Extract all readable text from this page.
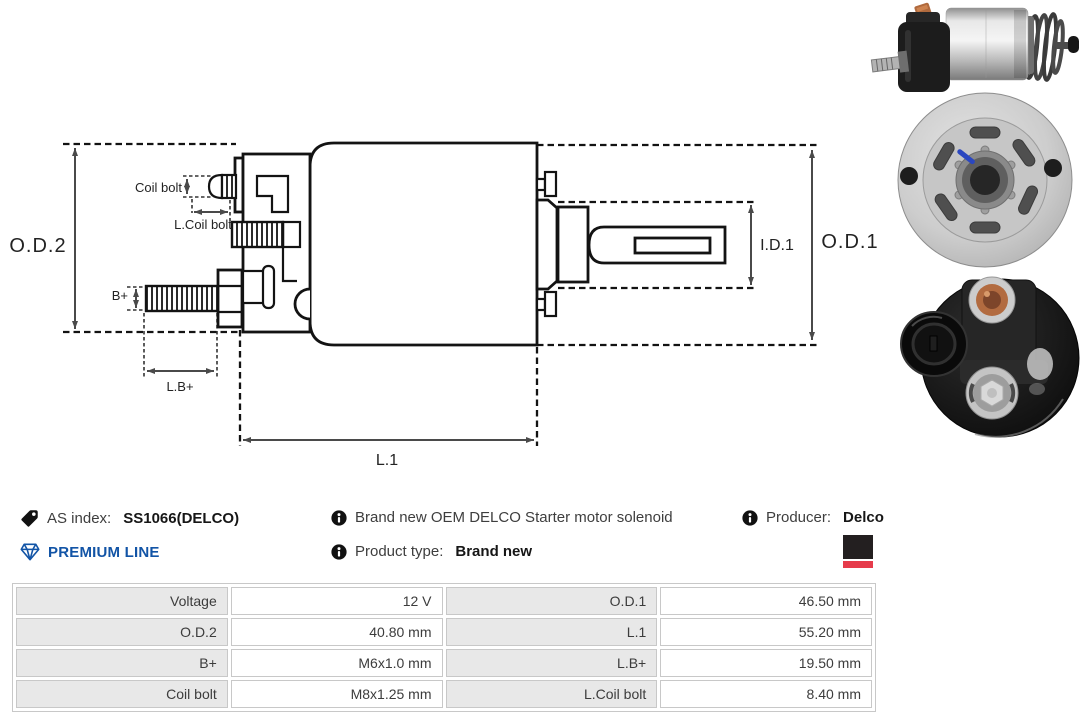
O.D.2	O.D.1
I.D.1
L.1
Coil bolt
L.Coil bolt
B+
L.B+
AS index: SS1066(DELCO)	Brand new OEM DELCO Starter motor solenoid	Producer: Delco
PREMIUM LINE	Product type: Brand new
Voltage	12 V	O.D.1	46.50 mm
O.D.2	40.80 mm	L.1	55.20 mm
B+	M6x1.0 mm	L.B+	19.50 mm
Coil bolt	M8x1.25 mm	L.Coil bolt	8.40 mm
